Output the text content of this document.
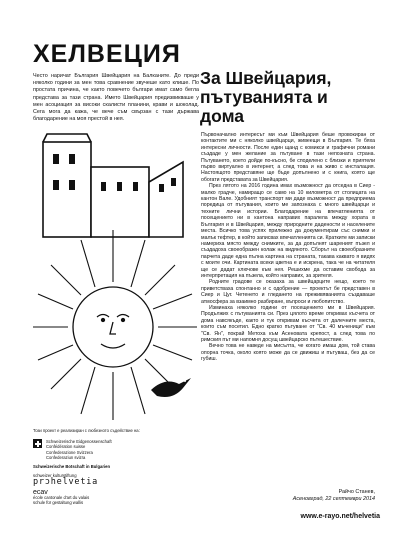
ХЕЛВЕЦИЯ
Често наричат България Швейцария на Балканите. До преди няколко години за мен това сравнение звучеше като клише. По простата причина, че както повечето българи имат само бегла представа за тази страна. Името Швейцария предизвикваше у мен асоциация за високи скалисти планини, крави и шоколад. Сега мога да кажа, че вече съм свързан с тази държава благодарение на моя престой в нея.
За Швейцария, пътуванията и дома

Първоначално интересът ми към Швейцария беше провокиран от контактите ми с няколко швейцарци, живеещи в България. Те бяха интересни личности. После един щанд с комикси и графични романи създаде у мен желание за пътуване в тази непозната страна. Пътуването, което дойде по-късно, бе споделено с близки и приятели първо виртуално в интернет, а след това и на живо с инсталация. Настоящото представяне ще бъде допълнено и с книга, която ще обогати представата за Швейцария.

През лятото на 2016 година имах възможност да отседна в Сиер - малко градче, намиращо се само на 10 километра от столицата на кантон Вале. Удобният транспорт ми дадe възможност да предприема поредица от пътувания, които ме запознаха с много швейцарци и техните лични истории. Благодарение на впечатленията от посещението ни в кантона направих паралела между хората в България и в Швейцария, между природните дадености и населените места. Всичко това успях прилежно да документирам със снимки и малък тефтер, в който записвах впечатленията си. Кратките ми записки намериха място между снимките, за да допълнят шареният пъзел и създадоха своеобразен колаж на видяното. Сборът на своеобразните парчета даде една пълна картина на страната, такава каквато я видях с моите очи. Картината всеки цветна е и искрена, така че на читателя ще се дадат ключове към нея. Решихме да оставим свобода за интерпретация на пъзела, който направих, за зрителя.

Родните градове се оказаха за швейцарците нещо, което те приветстваха спонтанно и с одобрение — проектът бе представен в Сиер и Цуг. Четенето и гледането на преживяванията създаваше атмосфера за взаимно разбиране, въпроси и любопитство.

Изминаха няколко години от посещението ми в Швейцария. Продължих с пътуванията си. През цялото време откривах късчета от дома навсякъде, както и тук откривам късчета от далечните места, които съм посетил. Едно кратко пътуване от "Св. 40 мъченици" към "Св. Ян", покрай Метоха към Асеновата крепост, а след това по римския път ми напомня досущ швейцарско пътешествие.

Вечно това не наведе на мисълта, че когато имаш дом, той става опорна точка, около която може да се движиш и пътуваш, без да се губиш.

Райчо Станев,
Асеновград, 22 септември 2014
Този проект е реализиран с любезното съдействие на:
Schweizerische Eidgenossenschaft
Confédération suisse
Confederazione Svizzera
Confederaziun svizra
Schweizerische Botschaft in Bulgarien
schweizer kulturstiftung
prɔhelvetia
ecav
école cantonale d'art du valais
schule für gestaltung wallis
www.e-rayo.net/helvetia
